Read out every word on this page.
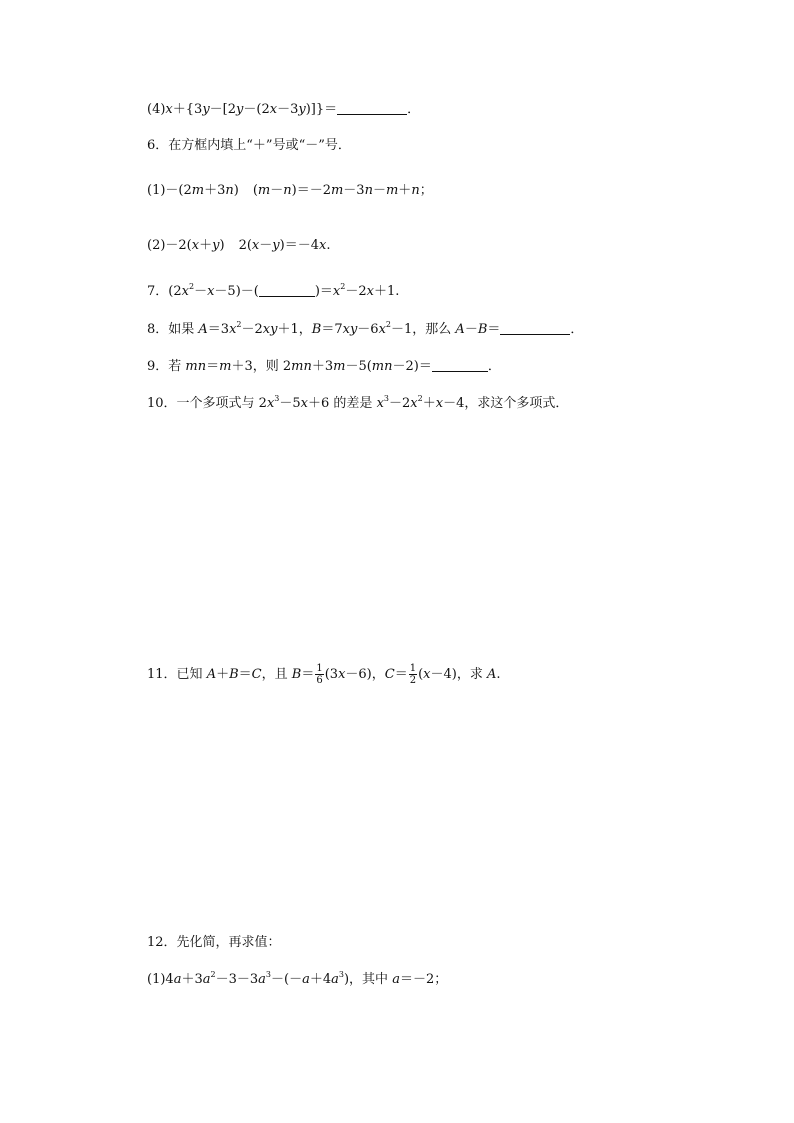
(4)x＋{3y－[2y－(2x－3y)]}＝	．
6．在方框内填上“＋”号或“－”号．
(1)－(2m＋3n) (m－n)＝－2m－3n－m＋n；
(2)－2(x＋y) 2(x－y)＝－4x.
7．$(2x^2-x-5)-$(	)$=x^2-2x+1$.
8．如果 $A=3x^2-2xy+1$，$B=7xy-6x^2-1$，那么 A－B＝	．
9．若 mn＝m＋3，则 2mn＋3m－5(mn－2)＝	．
10．一个多项式与 $2x^3-5x+6$ 的差是 $x^3-2x^2+x-4$，求这个多项式．
11．已知 A＋B＝C，且 $B= \frac{1}{6} (3x-6)$，$C= \frac{1}{2} (x-4)$，求 A.
12．先化简，再求值：
$(1)4a+3a^2-3-3a^3-(-a+4a^3)$，其中 a＝－2；
